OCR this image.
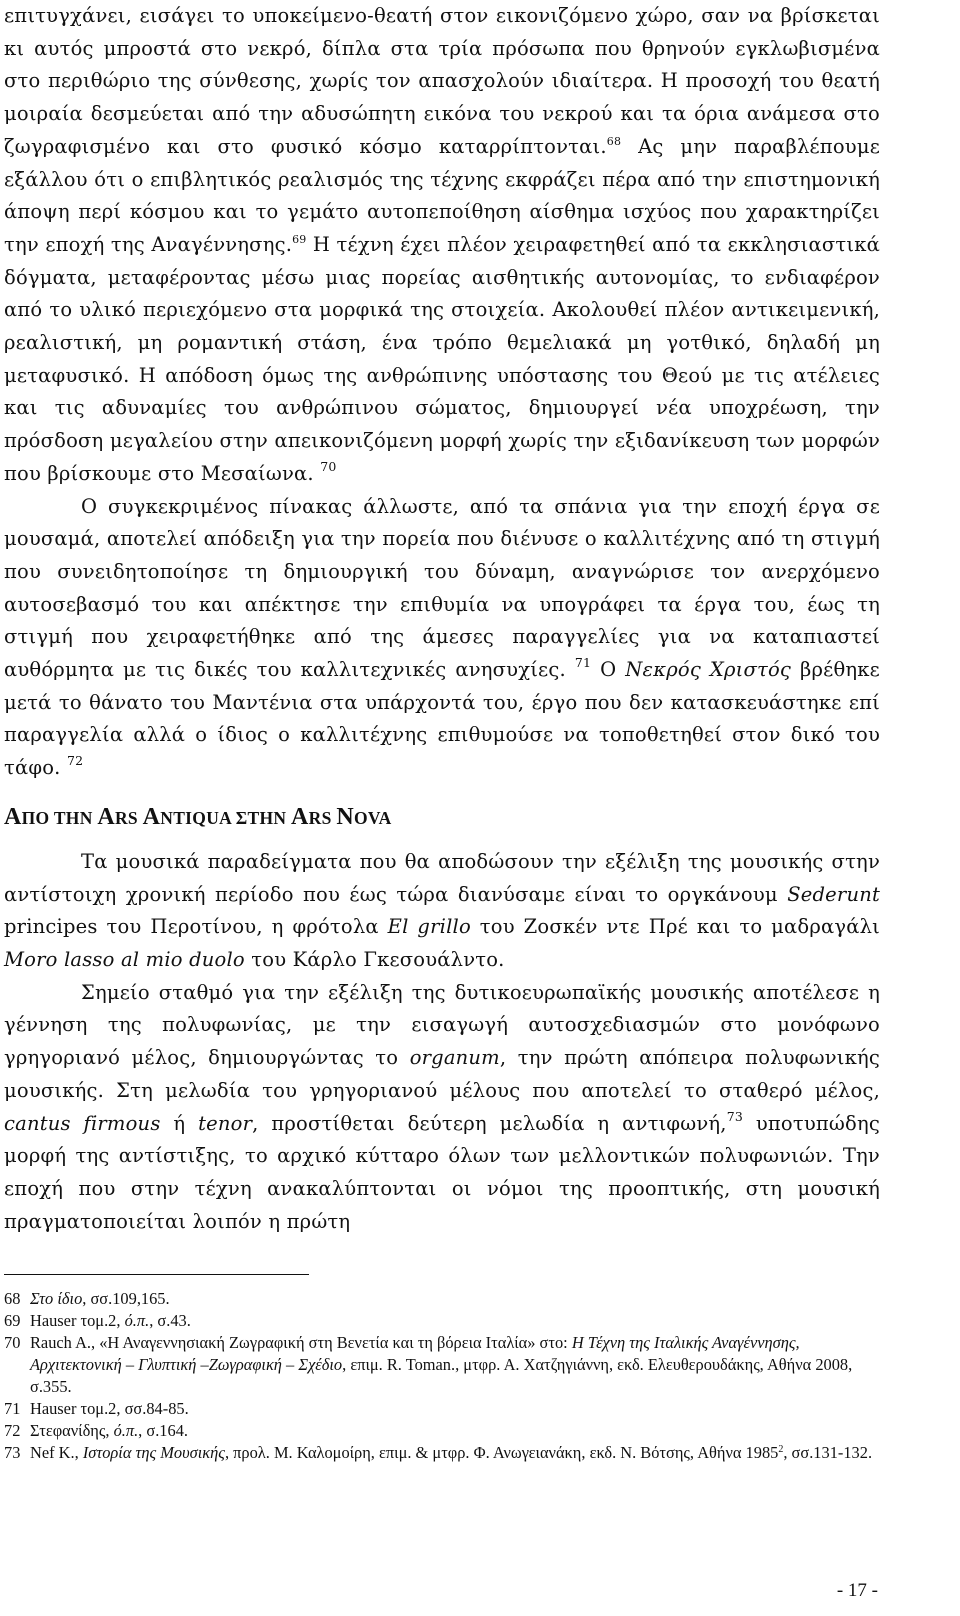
επιτυγχάνει, εισάγει το υποκείμενο-θεατή στον εικονιζόμενο χώρο, σαν να βρίσκεται κι αυτός μπροστά στο νεκρό, δίπλα στα τρία πρόσωπα που θρηνούν εγκλωβισμένα στο περιθώριο της σύνθεσης, χωρίς τον απασχολούν ιδιαίτερα. Η προσοχή του θεατή μοιραία δεσμεύεται από την αδυσώπητη εικόνα του νεκρού και τα όρια ανάμεσα στο ζωγραφισμένο και στο φυσικό κόσμο καταρρίπτονται.$^{68}$ Ας μην παραβλέπουμε εξάλλου ότι ο επιβλητικός ρεαλισμός της τέχνης εκφράζει πέρα από την επιστημονική άποψη περί κόσμου και το γεμάτο αυτοπεποίθηση αίσθημα ισχύος που χαρακτηρίζει την εποχή της Αναγέννησης.$^{69}$ Η τέχνη έχει πλέον χειραφετηθεί από τα εκκλησιαστικά δόγματα, μεταφέροντας μέσω μιας πορείας αισθητικής αυτονομίας, το ενδιαφέρον από το υλικό περιεχόμενο στα μορφικά της στοιχεία. Ακολουθεί πλέον αντικειμενική, ρεαλιστική, μη ρομαντική στάση, ένα τρόπο θεμελιακά μη γοτθικό, δηλαδή μη μεταφυσικό. Η απόδοση όμως της ανθρώπινης υπόστασης του Θεού με τις ατέλειες και τις αδυναμίες του ανθρώπινου σώματος, δημιουργεί νέα υποχρέωση, την πρόσδοση μεγαλείου στην απεικονιζόμενη μορφή χωρίς την εξιδανίκευση των μορφών που βρίσκουμε στο Μεσαίωνα. $^{70}$

Ο συγκεκριμένος πίνακας άλλωστε, από τα σπάνια για την εποχή έργα σε μουσαμά, αποτελεί απόδειξη για την πορεία που διένυσε ο καλλιτέχνης από τη στιγμή που συνειδητοποίησε τη δημιουργική του δύναμη, αναγνώρισε τον ανερχόμενο αυτοσεβασμό του και απέκτησε την επιθυμία να υπογράφει τα έργα του, έως τη στιγμή που χειραφετήθηκε από της άμεσες παραγγελίες για να καταπιαστεί αυθόρμητα με τις δικές του καλλιτεχνικές ανησυχίες. $^{71}$ Ο Νεκρός Χριστός βρέθηκε μετά το θάνατο του Μαντένια στα υπάρχοντά του, έργο που δεν κατασκευάστηκε επί παραγγελία αλλά ο ίδιος ο καλλιτέχνης επιθυμούσε να τοποθετηθεί στον δικό του τάφο. $^{72}$

ΑΠΟ ΤΗΝ ARS ANTIQUA ΣΤΗΝ ARS NOVA

Τα μουσικά παραδείγματα που θα αποδώσουν την εξέλιξη της μουσικής στην αντίστοιχη χρονική περίοδο που έως τώρα διανύσαμε είναι το οργκάνουμ Sederunt principes του Περοτίνου, η φρότολα El grillo του Ζοσκέν ντε Πρέ και το μαδραγάλι Moro lasso al mio duolo του Κάρλο Γκεσουάλντο.

Σημείο σταθμό για την εξέλιξη της δυτικοευρωπαϊκής μουσικής αποτέλεσε η γέννηση της πολυφωνίας, με την εισαγωγή αυτοσχεδιασμών στο μονόφωνο γρηγοριανό μέλος, δημιουργώντας το organum, την πρώτη απόπειρα πολυφωνικής μουσικής. Στη μελωδία του γρηγοριανού μέλους που αποτελεί το σταθερό μέλος, cantus firmous ή tenor, προστίθεται δεύτερη μελωδία η αντιφωνή,$^{73}$ υποτυπώδης μορφή της αντίστιξης, το αρχικό κύτταρο όλων των μελλοντικών πολυφωνιών. Την εποχή που στην τέχνη ανακαλύπτονται οι νόμοι της προοπτικής, στη μουσική πραγματοποιείται λοιπόν η πρώτη

68 Στο ίδιο, σσ.109,165.

69 Hauser τομ.2, ό.π., σ.43.

70 Rauch A., «Η Αναγεννησιακή Ζωγραφική στη Βενετία και τη βόρεια Ιταλία» στο: Η Τέχνη της Ιταλικής Αναγέννησης, Αρχιτεκτονική – Γλυπτική –Ζωγραφική – Σχέδιο, επιμ. R. Toman., μτφρ. Α. Χατζηγιάννη, εκδ. Ελευθερουδάκης, Αθήνα 2008, σ.355.

71 Hauser τομ.2, σσ.84-85.

72 Στεφανίδης, ό.π., σ.164.

73 Nef K., Ιστορία της Μουσικής, προλ. Μ. Καλομοίρη, επιμ. & μτφρ. Φ. Ανωγειανάκη, εκδ. Ν. Βότσης, Αθήνα 1985$^2$, σσ.131-132.

- 17 -
